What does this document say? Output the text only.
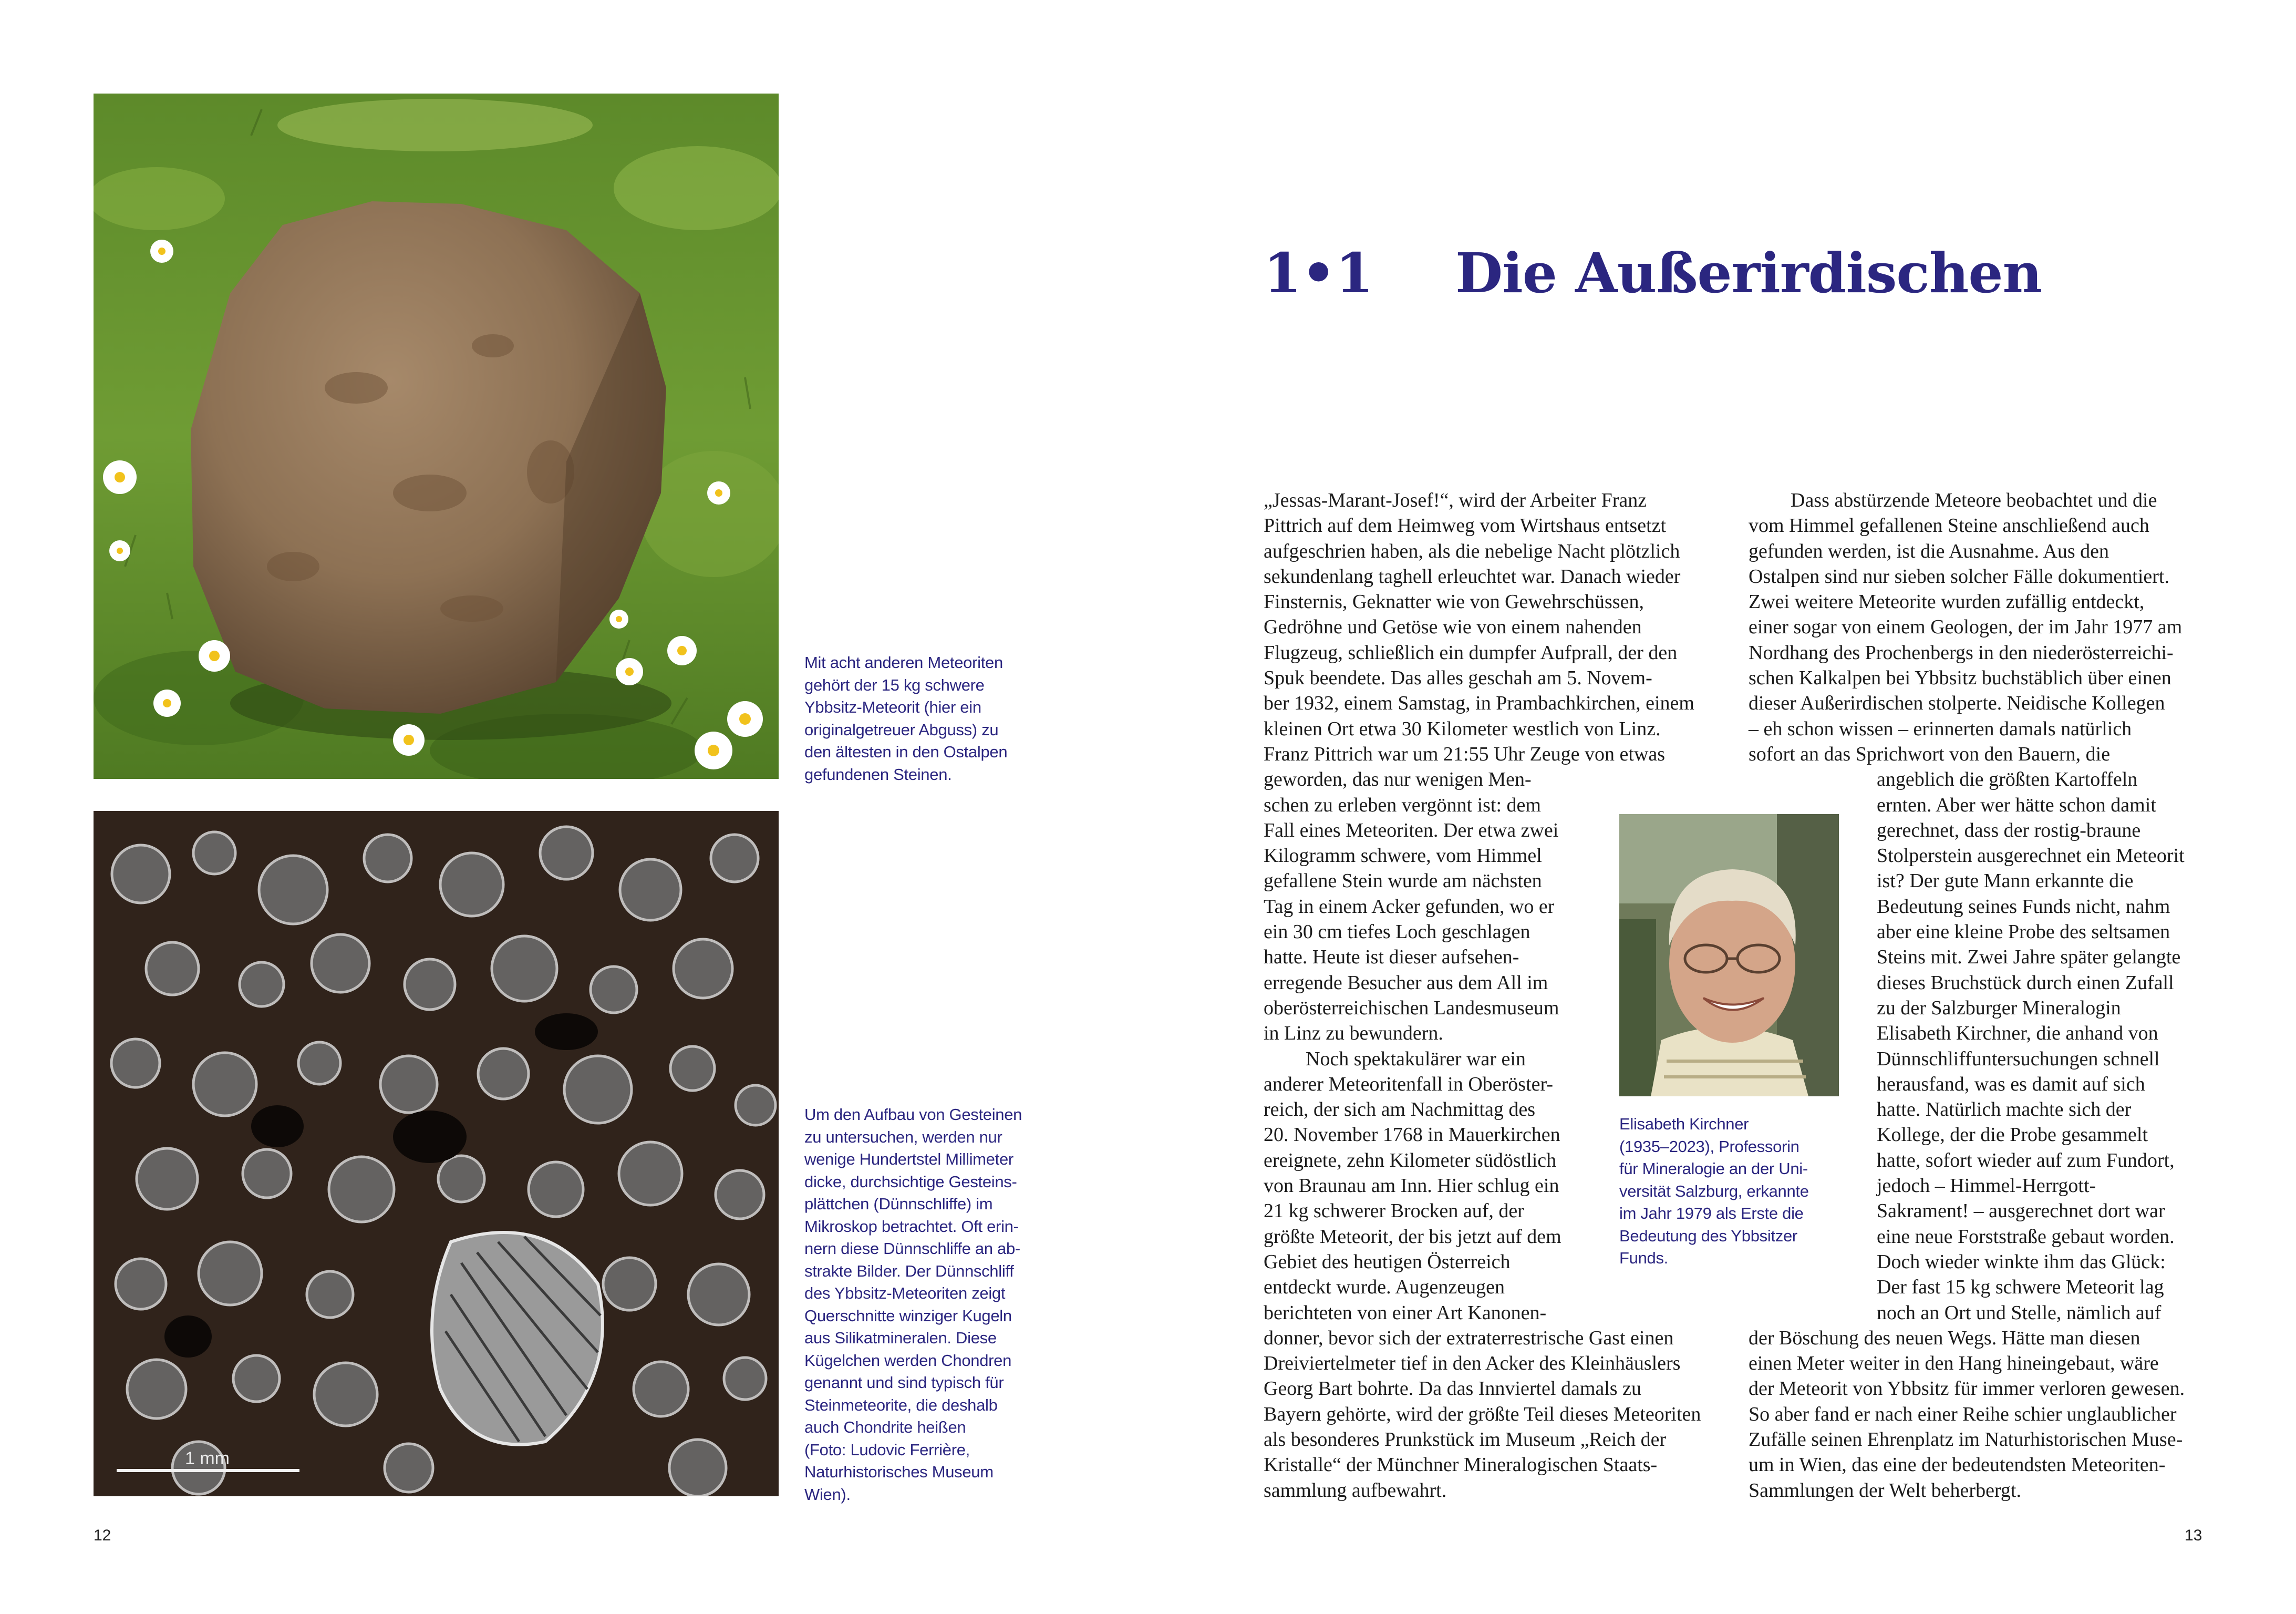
Mit acht anderen Meteoriten
gehört der 15 kg schwere
Ybbsitz-Meteorit (hier ein
originalgetreuer Abguss) zu
den ältesten in den Ostalpen
gefundenen Steinen.
1 mm
Um den Aufbau von Gesteinen
zu untersuchen, werden nur
wenige Hundertstel Millimeter
dicke, durchsichtige Gesteins-
plättchen (Dünnschliffe) im
Mikroskop betrachtet. Oft erin-
nern diese Dünnschliffe an ab-
strakte Bilder. Der Dünnschliff
des Ybbsitz-Meteoriten zeigt
Querschnitte winziger Kugeln
aus Silikatmineralen. Diese
Kügelchen werden Chondren
genannt und sind typisch für
Steinmeteorite, die deshalb
auch Chondrite heißen
(Foto: Ludovic Ferrière,
Naturhistorisches Museum
Wien).
12
1•1 Die Außerirdischen

„Jessas-Marant-Josef!“, wird der Arbeiter Franz

Pittrich auf dem Heimweg vom Wirtshaus entsetzt

aufgeschrien haben, als die nebelige Nacht plötzlich

sekundenlang taghell erleuchtet war. Danach wieder

Finsternis, Geknatter wie von Gewehrschüssen,

Gedröhne und Getöse wie von einem nahenden

Flugzeug, schließlich ein dumpfer Aufprall, der den

Spuk beendete. Das alles geschah am 5. Novem-

ber 1932, einem Samstag, in Prambachkirchen, einem

kleinen Ort etwa 30 Kilometer westlich von Linz.

Franz Pittrich war um 21:55 Uhr Zeuge von etwas

geworden, das nur wenigen Men-

schen zu erleben vergönnt ist: dem

Fall eines Meteoriten. Der etwa zwei

Kilogramm schwere, vom Himmel

gefallene Stein wurde am nächsten

Tag in einem Acker gefunden, wo er

ein 30 cm tiefes Loch geschlagen

hatte. Heute ist dieser aufsehen-

erregende Besucher aus dem All im

oberösterreichischen Landesmuseum

in Linz zu bewundern.

Noch spektakulärer war ein

anderer Meteoritenfall in Oberöster-

reich, der sich am Nachmittag des

20. November 1768 in Mauerkirchen

ereignete, zehn Kilometer südöstlich

von Braunau am Inn. Hier schlug ein

21 kg schwerer Brocken auf, der

größte Meteorit, der bis jetzt auf dem

Gebiet des heutigen Österreich

entdeckt wurde. Augenzeugen

berichteten von einer Art Kanonen-

donner, bevor sich der extraterrestrische Gast einen

Dreiviertelmeter tief in den Acker des Kleinhäuslers

Georg Bart bohrte. Da das Innviertel damals zu

Bayern gehörte, wird der größte Teil dieses Meteoriten

als besonderes Prunkstück im Museum „Reich der

Kristalle“ der Münchner Mineralogischen Staats-

sammlung aufbewahrt.

Elisabeth Kirchner
(1935–2023), Professorin
für Mineralogie an der Uni-
versität Salzburg, erkannte
im Jahr 1979 als Erste die
Bedeutung des Ybbsitzer
Funds.

Dass abstürzende Meteore beobachtet und die

vom Himmel gefallenen Steine anschließend auch

gefunden werden, ist die Ausnahme. Aus den

Ostalpen sind nur sieben solcher Fälle dokumentiert.

Zwei weitere Meteorite wurden zufällig entdeckt,

einer sogar von einem Geologen, der im Jahr 1977 am

Nordhang des Prochenbergs in den niederösterreichi-

schen Kalkalpen bei Ybbsitz buchstäblich über einen

dieser Außerirdischen stolperte. Neidische Kollegen

– eh schon wissen – erinnerten damals natürlich

sofort an das Sprichwort von den Bauern, die

angeblich die größten Kartoffeln

ernten. Aber wer hätte schon damit

gerechnet, dass der rostig-braune

Stolperstein ausgerechnet ein Meteorit

ist? Der gute Mann erkannte die

Bedeutung seines Funds nicht, nahm

aber eine kleine Probe des seltsamen

Steins mit. Zwei Jahre später gelangte

dieses Bruchstück durch einen Zufall

zu der Salzburger Mineralogin

Elisabeth Kirchner, die anhand von

Dünnschliffuntersuchungen schnell

herausfand, was es damit auf sich

hatte. Natürlich machte sich der

Kollege, der die Probe gesammelt

hatte, sofort wieder auf zum Fundort,

jedoch – Himmel-Herrgott-

Sakrament! – ausgerechnet dort war

eine neue Forststraße gebaut worden.

Doch wieder winkte ihm das Glück:

Der fast 15 kg schwere Meteorit lag

noch an Ort und Stelle, nämlich auf

der Böschung des neuen Wegs. Hätte man diesen

einen Meter weiter in den Hang hineingebaut, wäre

der Meteorit von Ybbsitz für immer verloren gewesen.

So aber fand er nach einer Reihe schier unglaublicher

Zufälle seinen Ehrenplatz im Naturhistorischen Muse-

um in Wien, das eine der bedeutendsten Meteoriten-

Sammlungen der Welt beherbergt.

13
